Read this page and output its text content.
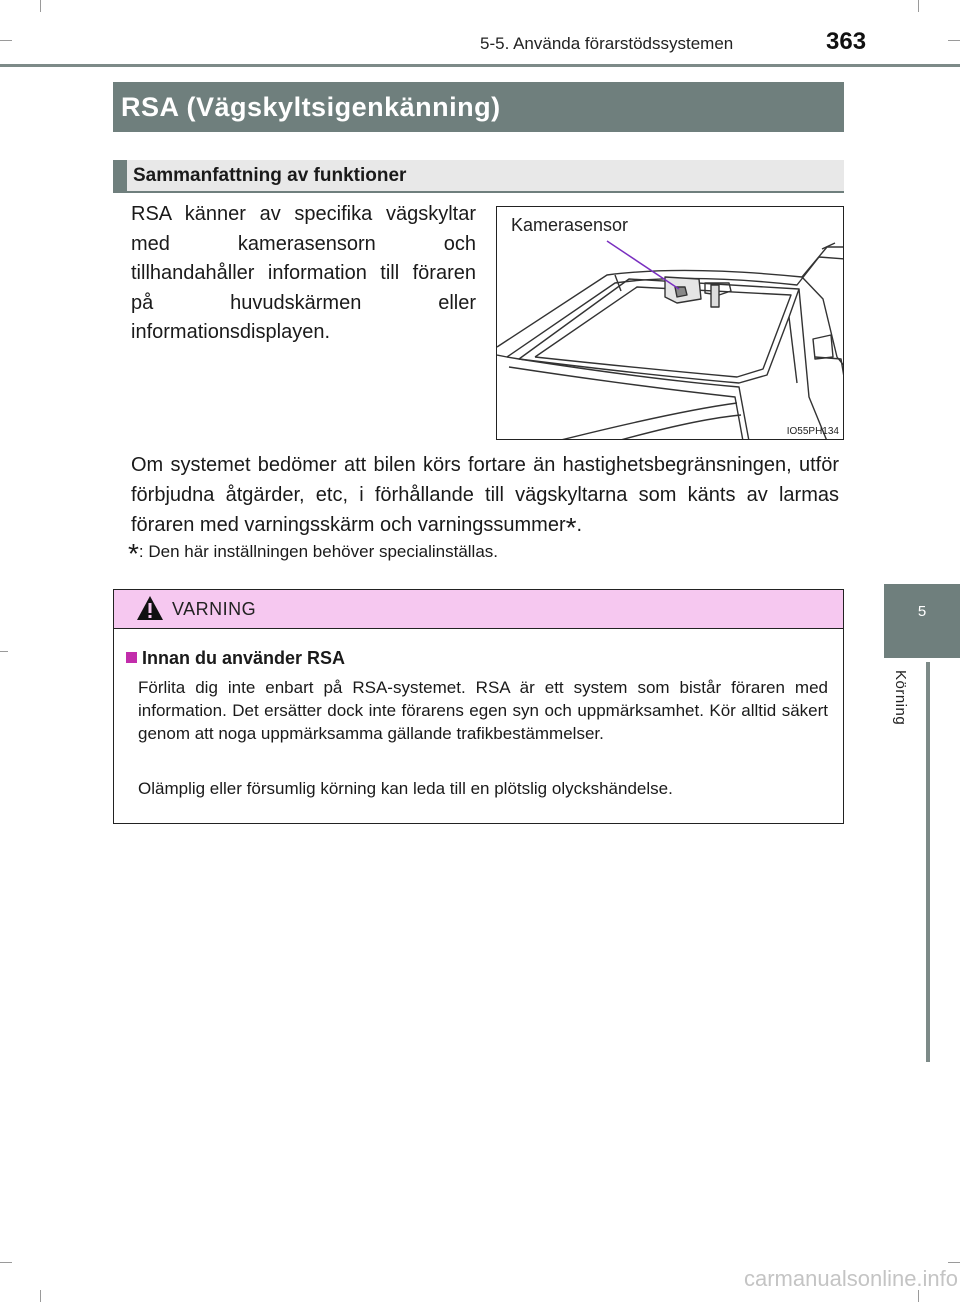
5-5. Använda förarstödssystemen	363
5
Körning
RSA (Vägskyltsigenkänning)
Sammanfattning av funktioner
RSA känner av specifika vägskyltar med kamerasensorn och tillhandahåller information till föraren på huvudskärmen eller informationsdisplayen.
Kamerasensor
IO55PH134
Om systemet bedömer att bilen körs fortare än hastighetsbegränsningen, utför förbjudna åtgärder, etc, i förhållande till vägskyltarna som känts av larmas föraren med varningsskärm och varningssummer*.
*: Den här inställningen behöver specialinställas.
VARNING
Innan du använder RSA
Förlita dig inte enbart på RSA-systemet. RSA är ett system som bistår föraren med information. Det ersätter dock inte förarens egen syn och uppmärksamhet. Kör alltid säkert genom att noga uppmärksamma gällande trafikbestämmelser.
Olämplig eller försumlig körning kan leda till en plötslig olyckshändelse.
carmanualsonline.info
